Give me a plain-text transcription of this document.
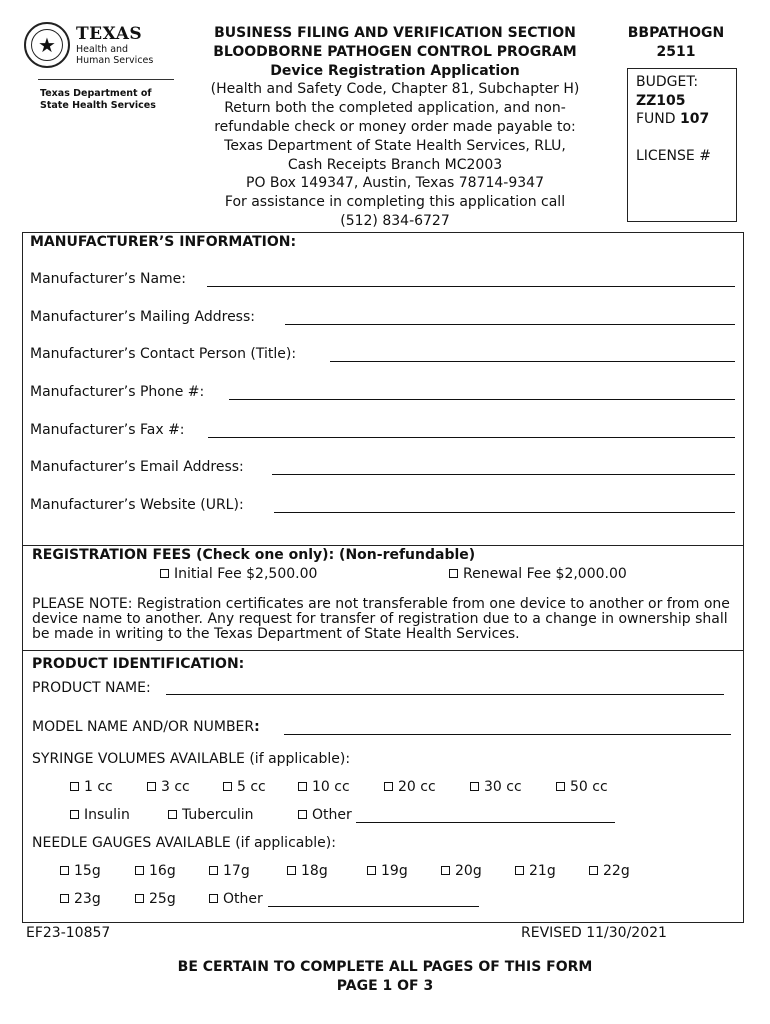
★	TEXAS
Health and Human Services
Texas Department of State Health Services
BUSINESS FILING AND VERIFICATION SECTION
BLOODBORNE PATHOGEN CONTROL PROGRAM
Device Registration Application
(Health and Safety Code, Chapter 81, Subchapter H)
Return both the completed application, and non-
refundable check or money order made payable to:
Texas Department of State Health Services, RLU,
Cash Receipts Branch MC2003
PO Box 149347, Austin, Texas 78714-9347
For assistance in completing this application call
(512) 834-6727
BBPATHOGN
2511
BUDGET:
ZZ105
FUND 107
LICENSE #
MANUFACTURER’S INFORMATION:
Manufacturer’s Name:
Manufacturer’s Mailing Address:
Manufacturer’s Contact Person (Title):
Manufacturer’s Phone #:
Manufacturer’s Fax #:
Manufacturer’s Email Address:
Manufacturer’s Website (URL):
REGISTRATION FEES (Check one only): (Non-refundable)
Initial Fee $2,500.00	Renewal Fee $2,000.00
PLEASE NOTE: Registration certificates are not transferable from one device to another or from one device name to another. Any request for transfer of registration due to a change in ownership shall be made in writing to the Texas Department of State Health Services.
PRODUCT IDENTIFICATION:
PRODUCT NAME:
MODEL NAME AND/OR NUMBER:
SYRINGE VOLUMES AVAILABLE (if applicable):
1 cc	3 cc	5 cc	10 cc	20 cc	30 cc	50 cc
Insulin	Tuberculin	Other
NEEDLE GAUGES AVAILABLE (if applicable):
15g	16g	17g	18g	19g	20g	21g	22g
23g	25g	Other
EF23-10857	REVISED 11/30/2021
BE CERTAIN TO COMPLETE ALL PAGES OF THIS FORM
PAGE 1 OF 3
